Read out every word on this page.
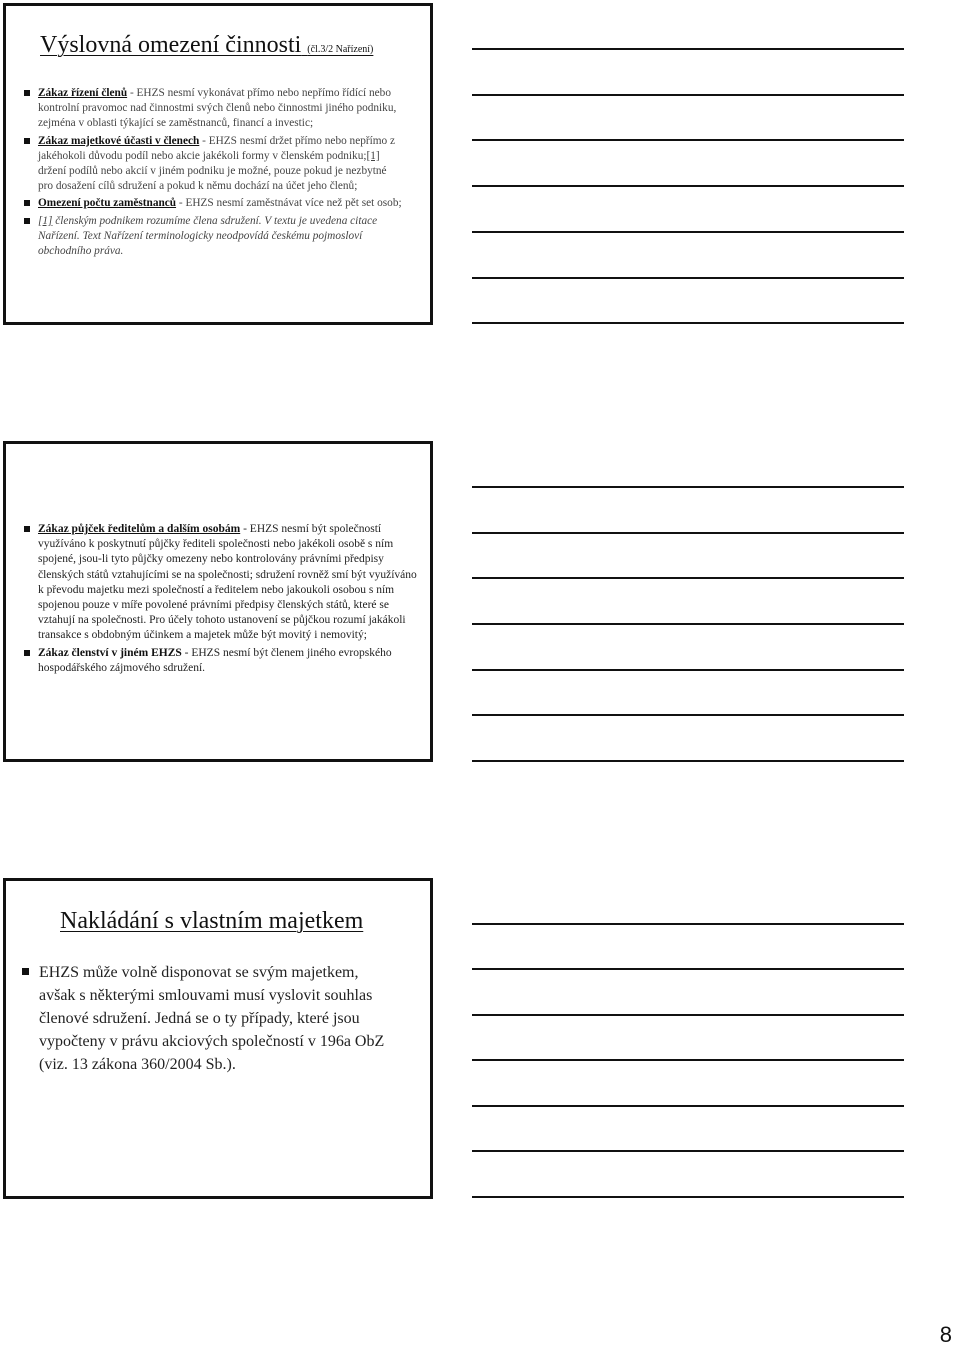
Výslovná omezení činnosti (čl.3/2 Nařízení)
Zákaz řízení členů - EHZS nesmí vykonávat přímo nebo nepřímo řídící nebo kontrolní pravomoc nad činnostmi svých členů nebo činnostmi jiného podniku, zejména v oblasti týkající se zaměstnanců, financí a investic;
Zákaz majetkové účasti v členech - EHZS nesmí držet přímo nebo nepřímo z jakéhokoli důvodu podíl nebo akcie jakékoli formy v členském podniku;[1] držení podílů nebo akcií v jiném podniku je možné, pouze pokud je nezbytné pro dosažení cílů sdružení a pokud k němu dochází na účet jeho členů;
Omezení počtu zaměstnanců - EHZS nesmí zaměstnávat více než pět set osob;
[1] členským podnikem rozumíme člena sdružení. V textu je uvedena citace Nařízení. Text Nařízení terminologicky neodpovídá českému pojmosloví obchodního práva.
Zákaz půjček ředitelům a dalším osobám - EHZS nesmí být společností využíváno k poskytnutí půjčky řediteli společnosti nebo jakékoli osobě s ním spojené, jsou-li tyto půjčky omezeny nebo kontrolovány právními předpisy členských států vztahujícími se na společnosti; sdružení rovněž smí být využíváno k převodu majetku mezi společností a ředitelem nebo jakoukoli osobou s ním spojenou pouze v míře povolené právními předpisy členských států, které se vztahují na společnosti. Pro účely tohoto ustanovení se půjčkou rozumí jakákoli transakce s obdobným účinkem a majetek může být movitý i nemovitý;
Zákaz členství v jiném EHZS - EHZS nesmí být členem jiného evropského hospodářského zájmového sdružení.
Nakládání s vlastním majetkem
EHZS může volně disponovat se svým majetkem, avšak s některými smlouvami musí vyslovit souhlas členové sdružení. Jedná se o ty případy, které jsou vypočteny v právu akciových společností v 196a ObZ (viz. 13 zákona 360/2004 Sb.).
8
